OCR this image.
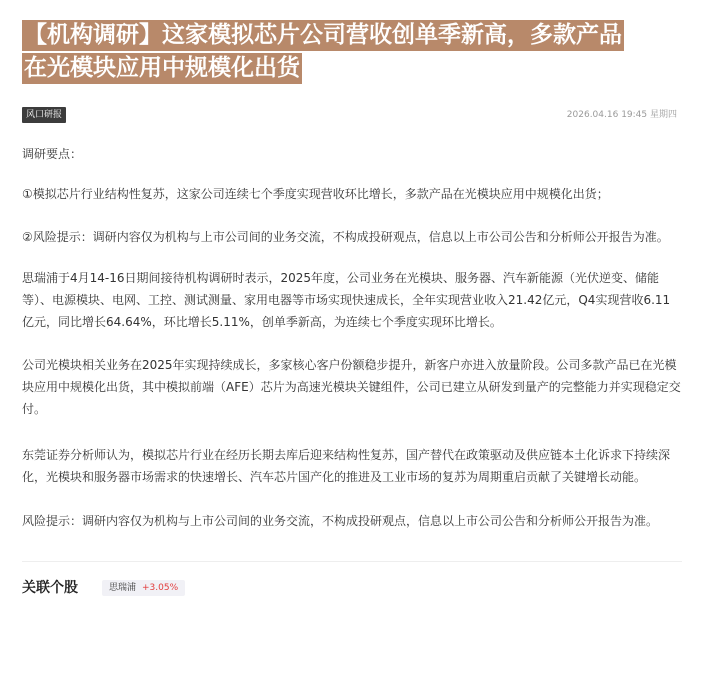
【机构调研】这家模拟芯片公司营收创单季新高，多款产品
在光模块应用中规模化出货
风口研报	2026.04.16 19:45 星期四

调研要点：

①模拟芯片行业结构性复苏，这家公司连续七个季度实现营收环比增长，多款产品在光模块应用中规模化出货；

②风险提示：调研内容仅为机构与上市公司间的业务交流，不构成投研观点，信息以上市公司公告和分析师公开报告为准。

思瑞浦于4月14-16日期间接待机构调研时表示，2025年度，公司业务在光模块、服务器、汽车新能源（光伏逆变、储能等）、电源模块、电网、工控、测试测量、家用电器等市场实现快速成长，全年实现营业收入21.42亿元，Q4实现营收6.11亿元，同比增长64.64%，环比增长5.11%，创单季新高，为连续七个季度实现环比增长。

公司光模块相关业务在2025年实现持续成长，多家核心客户份额稳步提升，新客户亦进入放量阶段。公司多款产品已在光模块应用中规模化出货，其中模拟前端（AFE）芯片为高速光模块关键组件，公司已建立从研发到量产的完整能力并实现稳定交付。

东莞证券分析师认为，模拟芯片行业在经历长期去库后迎来结构性复苏，国产替代在政策驱动及供应链本土化诉求下持续深化，光模块和服务器市场需求的快速增长、汽车芯片国产化的推进及工业市场的复苏为周期重启贡献了关键增长动能。

风险提示：调研内容仅为机构与上市公司间的业务交流，不构成投研观点，信息以上市公司公告和分析师公开报告为准。

关联个股	思瑞浦 +3.05%
